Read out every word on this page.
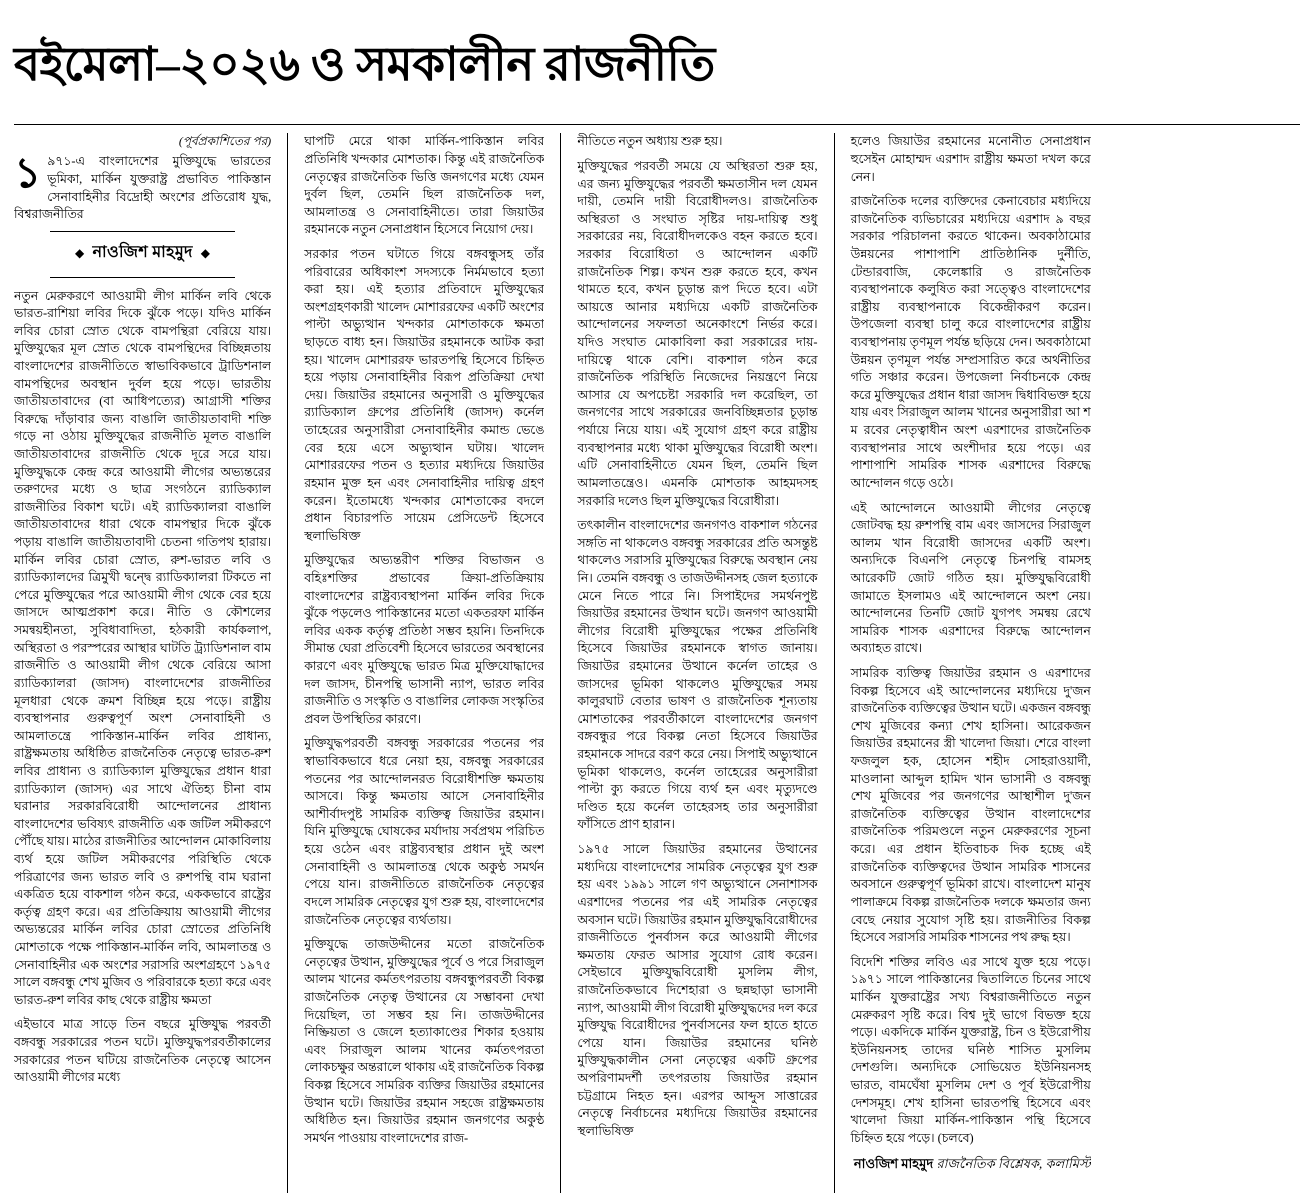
বইমেলা–২০২৬ ও সমকালীন রাজনীতি
(পূর্বপ্রকাশিতের পর)

১ ৯৭১-এ বাংলাদেশের মুক্তিযুদ্ধে ভারতের ভূমিকা, মার্কিন যুক্তরাষ্ট্র প্রভাবিত পাকিস্তান সেনাবাহিনীর বিদ্রোহী অংশের প্রতিরোধ যুদ্ধ, বিশ্বরাজনীতির

◆ নাওজিশ মাহমুদ ◆

নতুন মেরুকরণে আওয়ামী লীগ মার্কিন লবি থেকে ভারত-রাশিয়া লবির দিকে ঝুঁকে পড়ে। যদিও মার্কিন লবির চোরা স্রোত থেকে বামপন্থিরা বেরিয়ে যায়। মুক্তিযুদ্ধের মূল স্রোত থেকে বামপন্থিদের বিচ্ছিন্নতায় বাংলাদেশের রাজনীতিতে স্বাভাবিকভাবে ট্রাডিশনাল বামপন্থিদের অবস্থান দুর্বল হয়ে পড়ে। ভারতীয় জাতীয়তাবাদের (বা আধিপত্যের) আগ্রাসী শক্তির বিরুদ্ধে দাঁড়াবার জন্য বাঙালি জাতীয়তাবাদী শক্তি গড়ে না ওঠায় মুক্তিযুদ্ধের রাজনীতি মূলত বাঙালি জাতীয়তাবাদের রাজনীতি থেকে দূরে সরে যায়। মুক্তিযুদ্ধকে কেন্দ্র করে আওয়ামী লীগের অভ্যন্তরের তরুণদের মধ্যে ও ছাত্র সংগঠনে র‍্যাডিক্যাল রাজনীতির বিকাশ ঘটে। এই র‍্যাডিক্যালরা বাঙালি জাতীয়তাবাদের ধারা থেকে বামপন্থার দিকে ঝুঁকে পড়ায় বাঙালি জাতীয়তাবাদী চেতনা গতিপথ হারায়। মার্কিন লবির চোরা স্রোত, রুশ-ভারত লবি ও র‍্যাডিক্যালদের ত্রিমুখী দ্বন্দ্বে র‍্যাডিক্যালরা টিকতে না পেরে মুক্তিযুদ্ধের পরে আওয়ামী লীগ থেকে বের হয়ে জাসদে আত্মপ্রকাশ করে। নীতি ও কৌশলের সমন্বয়হীনতা, সুবিধাবাদিতা, হঠকারী কার্যকলাপ, অস্থিরতা ও পরস্পরের আস্থার ঘাটতি ট্র্যাডিশনাল বাম রাজনীতি ও আওয়ামী লীগ থেকে বেরিয়ে আসা র‍্যাডিক্যালরা (জাসদ) বাংলাদেশের রাজনীতির মূলধারা থেকে ক্রমশ বিচ্ছিন্ন হয়ে পড়ে। রাষ্ট্রীয় ব্যবস্থাপনার গুরুত্বপূর্ণ অংশ সেনাবাহিনী ও আমলাতন্ত্রে পাকিস্তান-মার্কিন লবির প্রাধান্য, রাষ্ট্রক্ষমতায় অধিষ্ঠিত রাজনৈতিক নেতৃত্বে ভারত-রুশ লবির প্রাধান্য ও র‍্যাডিক্যাল মুক্তিযুদ্ধের প্রধান ধারা র‍্যাডিক্যাল (জাসদ) এর সাথে ঐতিহ্য চীনা বাম ঘরানার সরকারবিরোধী আন্দোলনের প্রাধান্য বাংলাদেশের ভবিষ্যৎ রাজনীতি এক জটিল সমীকরণে পৌঁছে যায়। মাঠের রাজনীতির আন্দোলন মোকাবিলায় ব্যর্থ হয়ে জটিল সমীকরণের পরিস্থিতি থেকে পরিত্রাণের জন্য ভারত লবি ও রুশপন্থি বাম ঘরানা একত্রিত হয়ে বাকশাল গঠন করে, এককভাবে রাষ্ট্রের কর্তৃত্ব গ্রহণ করে। এর প্রতিক্রিয়ায় আওয়ামী লীগের অভ্যন্তরের মার্কিন লবির চোরা স্রোতের প্রতিনিধি মোশতাকে পক্ষে পাকিস্তান-মার্কিন লবি, আমলাতন্ত্র ও সেনাবাহিনীর এক অংশের সরাসরি অংশগ্রহণে ১৯৭৫ সালে বঙ্গবন্ধু শেখ মুজিব ও পরিবারকে হত্যা করে এবং ভারত-রুশ লবির কাছ থেকে রাষ্ট্রীয় ক্ষমতা

এইভাবে মাত্র সাড়ে তিন বছরে মুক্তিযুদ্ধ পরবর্তী বঙ্গবন্ধু সরকারের পতন ঘটে। মুক্তিযুদ্ধপরবর্তীকালের সরকারের পতন ঘটিয়ে রাজনৈতিক নেতৃত্বে আসেন আওয়ামী লীগের মধ্যে

ঘাপটি মেরে থাকা মার্কিন-পাকিস্তান লবির প্রতিনিধি খন্দকার মোশতাক। কিন্তু এই রাজনৈতিক নেতৃত্বের রাজনৈতিক ভিত্তি জনগণের মধ্যে যেমন দুর্বল ছিল, তেমনি ছিল রাজনৈতিক দল, আমলাতন্ত্র ও সেনাবাহিনীতে। তারা জিয়াউর রহমানকে নতুন সেনাপ্রধান হিসেবে নিয়োগ দেয়।

সরকার পতন ঘটাতে গিয়ে বঙ্গবন্ধুসহ তাঁর পরিবারের অধিকাংশ সদস্যকে নির্মমভাবে হত্যা করা হয়। এই হত্যার প্রতিবাদে মুক্তিযুদ্ধের অংশগ্রহণকারী খালেদ মোশাররফের একটি অংশের পাল্টা অভ্যুত্থান খন্দকার মোশতাককে ক্ষমতা ছাড়তে বাধ্য হন। জিয়াউর রহমানকে আটক করা হয়। খালেদ মোশাররফ ভারতপন্থি হিসেবে চিহ্নিত হয়ে পড়ায় সেনাবাহিনীর বিরূপ প্রতিক্রিয়া দেখা দেয়। জিয়াউর রহমানের অনুসারী ও মুক্তিযুদ্ধের র‍্যাডিক্যাল গ্রুপের প্রতিনিধি (জাসদ) কর্নেল তাহেরের অনুসারীরা সেনাবাহিনীর কমান্ড ভেঙে বের হয়ে এসে অভ্যুত্থান ঘটায়। খালেদ মোশাররফের পতন ও হত্যার মধ্যদিয়ে জিয়াউর রহমান মুক্ত হন এবং সেনাবাহিনীর দায়িত্ব গ্রহণ করেন। ইতোমধ্যে খন্দকার মোশতাকের বদলে প্রধান বিচারপতি সায়েম প্রেসিডেন্ট হিসেবে স্থলাভিষিক্ত

মুক্তিযুদ্ধের অভ্যন্তরীণ শক্তির বিভাজন ও বহিঃশক্তির প্রভাবের ক্রিয়া-প্রতিক্রিয়ায় বাংলাদেশের রাষ্ট্রব্যবস্থাপনা মার্কিন লবির দিকে ঝুঁকে পড়লেও পাকিস্তানের মতো একতরফা মার্কিন লবির একক কর্তৃত্ব প্রতিষ্ঠা সম্ভব হয়নি। তিনদিকে সীমান্ত ঘেরা প্রতিবেশী হিসেবে ভারতের অবস্থানের কারণে এবং মুক্তিযুদ্ধে ভারত মিত্র মুক্তিযোদ্ধাদের দল জাসদ, চীনপন্থি ভাসানী ন্যাপ, ভারত লবির রাজনীতি ও সংস্কৃতি ও বাঙালির লোকজ সংস্কৃতির প্রবল উপস্থিতির কারণে।

মুক্তিযুদ্ধপরবর্তী বঙ্গবন্ধু সরকারের পতনের পর স্বাভাবিকভাবে ধরে নেয়া হয়, বঙ্গবন্ধু সরকারের পতনের পর আন্দোলনরত বিরোধীশক্তি ক্ষমতায় আসবে। কিন্তু ক্ষমতায় আসে সেনাবাহিনীর আশীর্বাদপুষ্ট সামরিক ব্যক্তিত্ব জিয়াউর রহমান। যিনি মুক্তিযুদ্ধে ঘোষকের মর্যাদায় সর্বপ্রথম পরিচিত হয়ে ওঠেন এবং রাষ্ট্রব্যবস্থার প্রধান দুই অংশ সেনাবাহিনী ও আমলাতন্ত্র থেকে অকুণ্ঠ সমর্থন পেয়ে যান। রাজনীতিতে রাজনৈতিক নেতৃত্বের বদলে সামরিক নেতৃত্বের যুগ শুরু হয়, বাংলাদেশের রাজনৈতিক নেতৃত্বের ব্যর্থতায়।

মুক্তিযুদ্ধে তাজউদ্দীনের মতো রাজনৈতিক নেতৃত্বের উত্থান, মুক্তিযুদ্ধের পূর্বে ও পরে সিরাজুল আলম খানের কর্মতৎপরতায় বঙ্গবন্ধুপরবর্তী বিকল্প রাজনৈতিক নেতৃত্ব উত্থানের যে সম্ভাবনা দেখা দিয়েছিল, তা সম্ভব হয় নি। তাজউদ্দীনের নিষ্ক্রিয়তা ও জেলে হত্যাকাণ্ডের শিকার হওয়ায় এবং সিরাজুল আলম খানের কর্মতৎপরতা লোকচক্ষুর অন্তরালে থাকায় এই রাজনৈতিক বিকল্প বিকল্প হিসেবে সামরিক ব্যক্তির জিয়াউর রহমানের উত্থান ঘটে। জিয়াউর রহমান সহজে রাষ্ট্রক্ষমতায় অধিষ্ঠিত হন। জিয়াউর রহমান জনগণের অকুণ্ঠ সমর্থন পাওয়ায় বাংলাদেশের রাজ-

নীতিতে নতুন অধ্যায় শুরু হয়।

মুক্তিযুদ্ধের পরবর্তী সময়ে যে অস্থিরতা শুরু হয়, এর জন্য মুক্তিযুদ্ধের পরবর্তী ক্ষমতাসীন দল যেমন দায়ী, তেমনি দায়ী বিরোধীদলও। রাজনৈতিক অস্থিরতা ও সংঘাত সৃষ্টির দায়-দায়িত্ব শুধু সরকারের নয়, বিরোধীদলকেও বহন করতে হবে। সরকার বিরোধিতা ও আন্দোলন একটি রাজনৈতিক শিল্প। কখন শুরু করতে হবে, কখন থামতে হবে, কখন চূড়ান্ত রূপ দিতে হবে। এটা আয়ত্তে আনার মধ্যদিয়ে একটি রাজনৈতিক আন্দোলনের সফলতা অনেকাংশে নির্ভর করে। যদিও সংঘাত মোকাবিলা করা সরকারের দায়-দায়িত্বে থাকে বেশি। বাকশাল গঠন করে রাজনৈতিক পরিস্থিতি নিজেদের নিয়ন্ত্রণে নিয়ে আসার যে অপচেষ্টা সরকারি দল করেছিল, তা জনগণের সাথে সরকারের জনবিচ্ছিন্নতার চূড়ান্ত পর্যায়ে নিয়ে যায়। এই সুযোগ গ্রহণ করে রাষ্ট্রীয় ব্যবস্থাপনার মধ্যে থাকা মুক্তিযুদ্ধের বিরোধী অংশ। এটি সেনাবাহিনীতে যেমন ছিল, তেমনি ছিল আমলাতন্ত্রেও। এমনকি মোশতাক আহমদসহ সরকারি দলেও ছিল মুক্তিযুদ্ধের বিরোধীরা।

তৎকালীন বাংলাদেশের জনগণও বাকশাল গঠনের সঙ্গতি না থাকলেও বঙ্গবন্ধু সরকারের প্রতি অসন্তুষ্ট থাকলেও সরাসরি মুক্তিযুদ্ধের বিরুদ্ধে অবস্থান নেয় নি। তেমনি বঙ্গবন্ধু ও তাজউদ্দীনসহ জেল হত্যাকে মেনে নিতে পারে নি। সিপাইদের সমর্থনপুষ্ট জিয়াউর রহমানের উত্থান ঘটে। জনগণ আওয়ামী লীগের বিরোধী মুক্তিযুদ্ধের পক্ষের প্রতিনিধি হিসেবে জিয়াউর রহমানকে স্বাগত জানায়। জিয়াউর রহমানের উত্থানে কর্নেল তাহের ও জাসদের ভূমিকা থাকলেও মুক্তিযুদ্ধের সময় কালুরঘাট বেতার ভাষণ ও রাজনৈতিক শূন্যতায় মোশতাকের পরবর্তীকালে বাংলাদেশের জনগণ বঙ্গবন্ধুর পরে বিকল্প নেতা হিসেবে জিয়াউর রহমানকে সাদরে বরণ করে নেয়। সিপাই অভ্যুত্থানে ভূমিকা থাকলেও, কর্নেল তাহেরের অনুসারীরা পাল্টা ক্যু করতে গিয়ে ব্যর্থ হন এবং মৃত্যুদণ্ডে দণ্ডিত হয়ে কর্নেল তাহেরসহ তার অনুসারীরা ফাঁসিতে প্রাণ হারান।

১৯৭৫ সালে জিয়াউর রহমানের উত্থানের মধ্যদিয়ে বাংলাদেশের সামরিক নেতৃত্বের যুগ শুরু হয় এবং ১৯৯১ সালে গণ অভ্যুত্থানে সেনাশাসক এরশাদের পতনের পর এই সামরিক নেতৃত্বের অবসান ঘটে। জিয়াউর রহমান মুক্তিযুদ্ধবিরোধীদের রাজনীতিতে পুনর্বাসন করে আওয়ামী লীগের ক্ষমতায় ফেরত আসার সুযোগ রোধ করেন। সেইভাবে মুক্তিযুদ্ধবিরোধী মুসলিম লীগ, রাজনৈতিকভাবে দিশেহারা ও ছন্নছাড়া ভাসানী ন্যাপ, আওয়ামী লীগ বিরোধী মুক্তিযুদ্ধদের দল করে মুক্তিযুদ্ধ বিরোধীদের পুনর্বাসনের ফল হাতে হাতে পেয়ে যান। জিয়াউর রহমানের ঘনিষ্ঠ মুক্তিযুদ্ধকালীন সেনা নেতৃত্বের একটি গ্রুপের অপরিণামদর্শী তৎপরতায় জিয়াউর রহমান চট্টগ্রামে নিহত হন। এরপর আব্দুস সাত্তারের নেতৃত্বে নির্বাচনের মধ্যদিয়ে জিয়াউর রহমানের স্থলাভিষিক্ত

হলেও জিয়াউর রহমানের মনোনীত সেনাপ্রধান হুসেইন মোহাম্মদ এরশাদ রাষ্ট্রীয় ক্ষমতা দখল করে নেন।

রাজনৈতিক দলের ব্যক্তিদের কেনাবেচার মধ্যদিয়ে রাজনৈতিক ব্যভিচারের মধ্যদিয়ে এরশাদ ৯ বছর সরকার পরিচালনা করতে থাকেন। অবকাঠামোর উন্নয়নের পাশাপাশি প্রাতিষ্ঠানিক দুর্নীতি, টেন্ডারবাজি, কেলেঙ্কারি ও রাজনৈতিক ব্যবস্থাপনাকে কলুষিত করা সত্ত্বেও বাংলাদেশের রাষ্ট্রীয় ব্যবস্থাপনাকে বিকেন্দ্রীকরণ করেন। উপজেলা ব্যবস্থা চালু করে বাংলাদেশের রাষ্ট্রীয় ব্যবস্থাপনায় তৃণমূল পর্যন্ত ছড়িয়ে দেন। অবকাঠামো উন্নয়ন তৃণমূল পর্যন্ত সম্প্রসারিত করে অর্থনীতির গতি সঞ্চার করেন। উপজেলা নির্বাচনকে কেন্দ্র করে মুক্তিযুদ্ধের প্রধান ধারা জাসদ দ্বিধাবিভক্ত হয়ে যায় এবং সিরাজুল আলম খানের অনুসারীরা আ শ ম রবের নেতৃত্বাধীন অংশ এরশাদের রাজনৈতিক ব্যবস্থাপনার সাথে অংশীদার হয়ে পড়ে। এর পাশাপাশি সামরিক শাসক এরশাদের বিরুদ্ধে আন্দোলন গড়ে ওঠে।

এই আন্দোলনে আওয়ামী লীগের নেতৃত্বে জোটবদ্ধ হয় রুশপন্থি বাম এবং জাসদের সিরাজুল আলম খান বিরোধী জাসদের একটি অংশ। অন্যদিকে বিএনপি নেতৃত্বে চিনপন্থি বামসহ আরেকটি জোট গঠিত হয়। মুক্তিযুদ্ধবিরোধী জামাতে ইসলামও এই আন্দোলনে অংশ নেয়। আন্দোলনের তিনটি জোট যুগপৎ সমন্বয় রেখে সামরিক শাসক এরশাদের বিরুদ্ধে আন্দোলন অব্যাহত রাখে।

সামরিক ব্যক্তিত্ব জিয়াউর রহমান ও এরশাদের বিকল্প হিসেবে এই আন্দোলনের মধ্যদিয়ে দু'জন রাজনৈতিক ব্যক্তিত্বের উত্থান ঘটে। একজন বঙ্গবন্ধু শেখ মুজিবের কন্যা শেখ হাসিনা। আরেকজন জিয়াউর রহমানের স্ত্রী খালেদা জিয়া। শেরে বাংলা ফজলুল হক, হোসেন শহীদ সোহরাওয়ার্দী, মাওলানা আব্দুল হামিদ খান ভাসানী ও বঙ্গবন্ধু শেখ মুজিবের পর জনগণের আস্থাশীল দু'জন রাজনৈতিক ব্যক্তিত্বের উত্থান বাংলাদেশের রাজনৈতিক পরিমণ্ডলে নতুন মেরুকরণের সূচনা করে। এর প্রধান ইতিবাচক দিক হচ্ছে এই রাজনৈতিক ব্যক্তিত্বদের উত্থান সামরিক শাসনের অবসানে গুরুত্বপূর্ণ ভূমিকা রাখে। বাংলাদেশ মানুষ পালাক্রমে বিকল্প রাজনৈতিক দলকে ক্ষমতার জন্য বেছে নেয়ার সুযোগ সৃষ্টি হয়। রাজনীতির বিকল্প হিসেবে সরাসরি সামরিক শাসনের পথ রুদ্ধ হয়।

বিদেশি শক্তির লবিও এর সাথে যুক্ত হয়ে পড়ে। ১৯৭১ সালে পাকিস্তানের দ্বিতালিতে চিনের সাথে মার্কিন যুক্তরাষ্ট্রের সখ্য বিশ্বরাজনীতিতে নতুন মেরুকরণ সৃষ্টি করে। বিশ্ব দুই ভাগে বিভক্ত হয়ে পড়ে। একদিকে মার্কিন যুক্তরাষ্ট্র, চিন ও ইউরোপীয় ইউনিয়নসহ তাদের ঘনিষ্ঠ শাসিত মুসলিম দেশগুলি। অন্যদিকে সোভিয়েত ইউনিয়নসহ ভারত, বামঘেঁষা মুসলিম দেশ ও পূর্ব ইউরোপীয় দেশসমূহ। শেখ হাসিনা ভারতপন্থি হিসেবে এবং খালেদা জিয়া মার্কিন-পাকিস্তান পন্থি হিসেবে চিহ্নিত হয়ে পড়ে। (চলবে)

নাওজিশ মাহমুদ রাজনৈতিক বিশ্লেষক, কলামিস্ট
